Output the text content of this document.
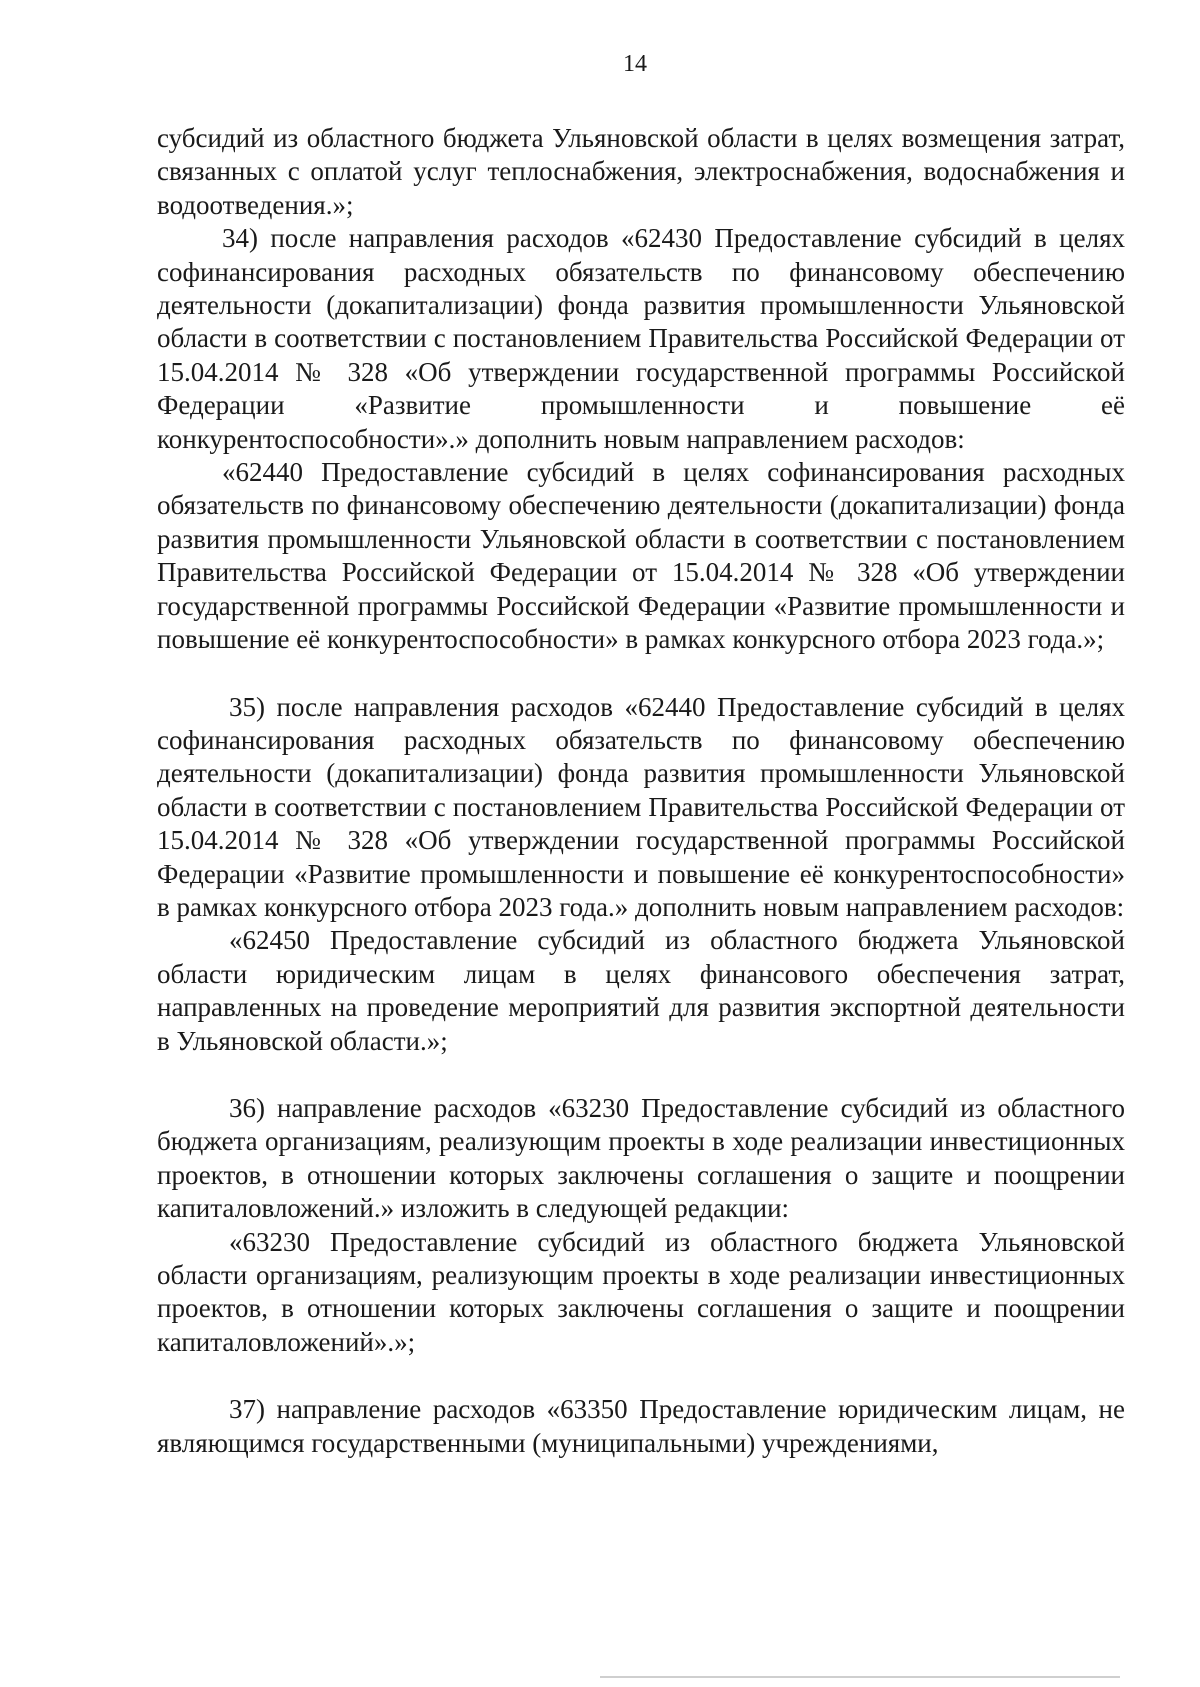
14

субсидий из областного бюджета Ульяновской области в целях возмещения затрат, связанных с оплатой услуг теплоснабжения, электроснабжения, водоснабжения и водоотведения.»;

34) после направления расходов «62430 Предоставление субсидий в целях софинансирования расходных обязательств по финансовому обеспечению деятельности (докапитализации) фонда развития промышленности Ульяновской области в соответствии с постановлением Правительства Российской Федерации от 15.04.2014 № 328 «Об утверждении государственной программы Российской Федерации «Развитие промышленности и повышение её конкурентоспособности».» дополнить новым направлением расходов:

«62440 Предоставление субсидий в целях софинансирования расходных обязательств по финансовому обеспечению деятельности (докапитализации) фонда развития промышленности Ульяновской области в соответствии с постановлением Правительства Российской Федерации от 15.04.2014 № 328 «Об утверждении государственной программы Российской Федерации «Развитие промышленности и повышение её конкурентоспособности» в рамках конкурсного отбора 2023 года.»;

35) после направления расходов «62440 Предоставление субсидий в целях софинансирования расходных обязательств по финансовому обеспечению деятельности (докапитализации) фонда развития промышленности Ульяновской области в соответствии с постановлением Правительства Российской Федерации от 15.04.2014 № 328 «Об утверждении государственной программы Российской Федерации «Развитие промышленности и повышение её конкурентоспособности» в рамках конкурсного отбора 2023 года.» дополнить новым направлением расходов:

«62450 Предоставление субсидий из областного бюджета Ульяновской области юридическим лицам в целях финансового обеспечения затрат, направленных на проведение мероприятий для развития экспортной деятельности в Ульяновской области.»;

36) направление расходов «63230 Предоставление субсидий из областного бюджета организациям, реализующим проекты в ходе реализации инвестиционных проектов, в отношении которых заключены соглашения о защите и поощрении капиталовложений.» изложить в следующей редакции:

«63230 Предоставление субсидий из областного бюджета Ульяновской области организациям, реализующим проекты в ходе реализации инвестиционных проектов, в отношении которых заключены соглашения о защите и поощрении капиталовложений».»;

37) направление расходов «63350 Предоставление юридическим лицам, не являющимся государственными (муниципальными) учреждениями,
